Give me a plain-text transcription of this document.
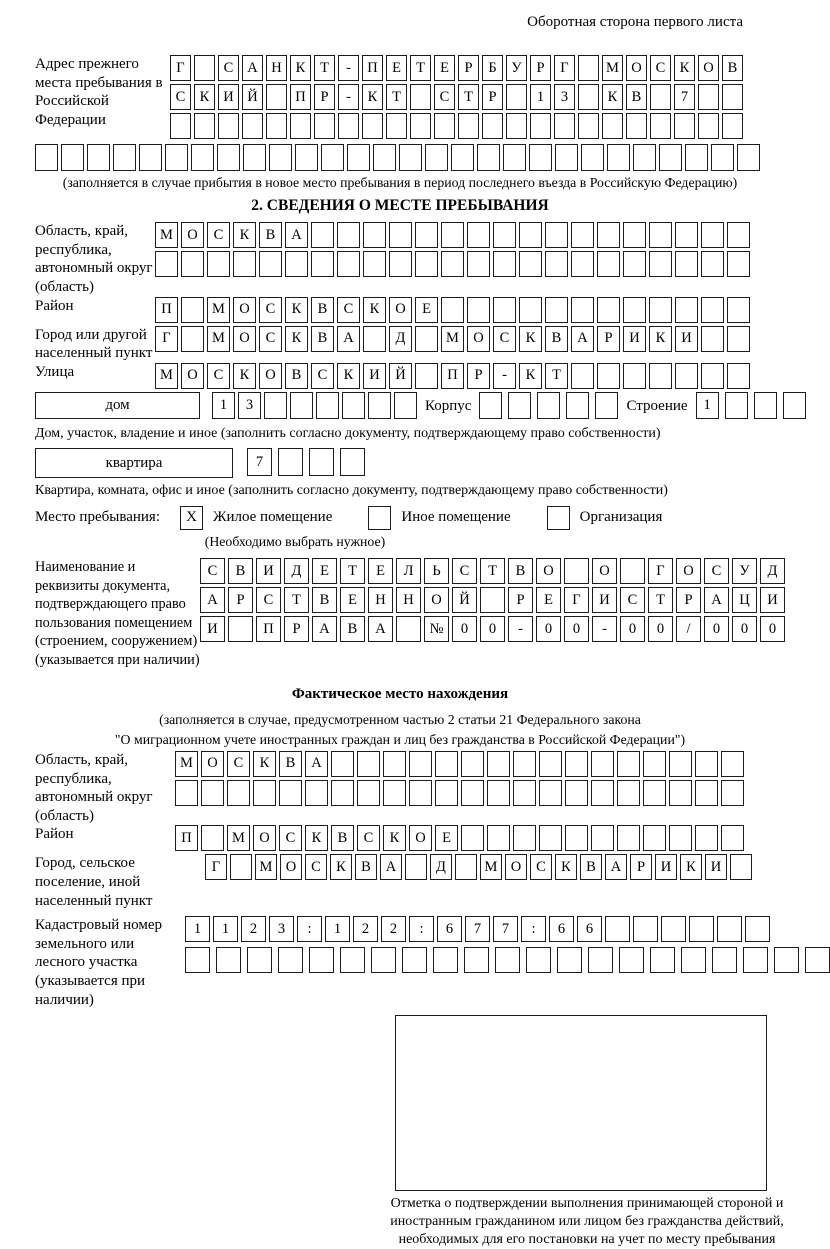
Оборотная сторона первого листа
Адрес прежнего места пребывания в Российской Федерации
Г	С А Н К	Т	-	П Е	Т	Е	Р	Б	У	Р	Г	М О С К О В
С К И Й	П	Р	-	К	Т	С	Т	Р	1	3	К В	7
(заполняется в случае прибытия в новое место пребывания в период последнего въезда в Российскую Федерацию)
2. СВЕДЕНИЯ О МЕСТЕ ПРЕБЫВАНИЯ
Область, край, республика, автономный округ (область)
М О	С	К	В	А
Район	П	М О	С	К	В	С	К	О	Е
Город или другой населенный пункт
Г	М О	С	К	В	А	Д	М О	С	К	В	А	Р	И	К	И
Улица	М О	С	К	О	В	С	К	И	Й	П	Р	-	К	Т
дом	1	3	Корпус	Строение	1
Дом, участок, владение и иное (заполнить согласно документу, подтверждающему право собственности)
квартира	7
Квартира, комната, офис и иное (заполнить согласно документу, подтверждающему право собственности)
Место пребывания:	X	Жилое помещение	Иное помещение	Организация
(Необходимо выбрать нужное)
Наименование и реквизиты документа, подтверждающего право пользования помещением (строением, сооружением) (указывается при наличии)
С	В	И	Д	Е	Т	Е	Л	Ь	С	Т	В	О	О	Г	О	С	У	Д
А	Р	С	Т	В	Е	Н	Н	О	Й	Р	Е	Г	И	С	Т	Р	А	Ц	И
И	П	Р	А	В	А	№	0	0	-	0	0	-	0	0	/	0	0	0
Фактическое место нахождения
(заполняется в случае, предусмотренном частью 2 статьи 21 Федерального закона
"О миграционном учете иностранных граждан и лиц без гражданства в Российской Федерации")
Область, край, республика, автономный округ (область)
М О	С	К	В	А
Район	П	М О	С	К	В	С	К	О	Е
Город, сельское поселение, иной населенный пункт
Г	М О	С	К	В	А	Д	М О	С	К	В	А	Р	И	К	И
Кадастровый номер земельного или лесного участка (указывается при наличии)
1	1	2	3	:	1	2	2	:	6	7	7	:	6	6
Отметка о подтверждении выполнения принимающей стороной и иностранным гражданином или лицом без гражданства действий, необходимых для его постановки на учет по месту пребывания
